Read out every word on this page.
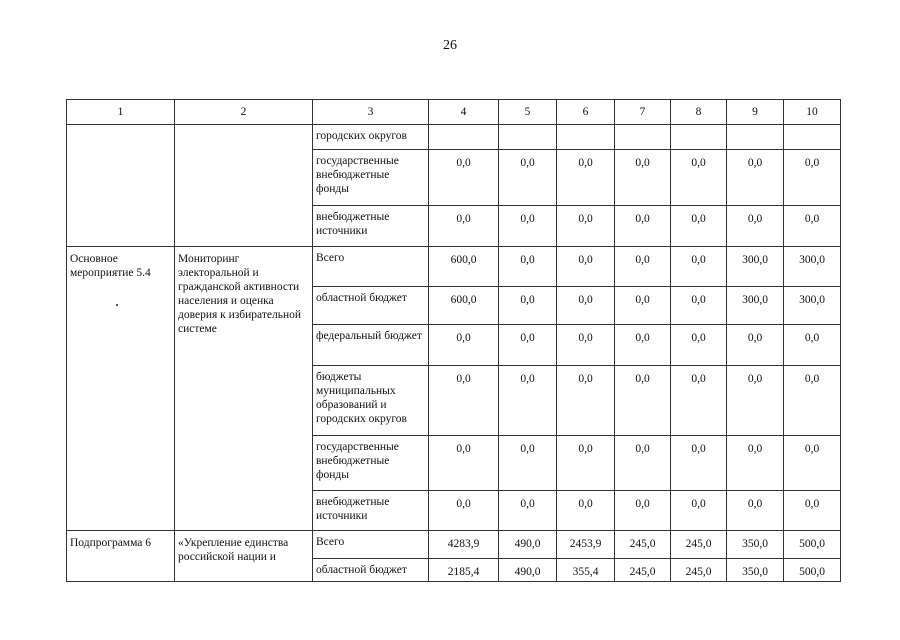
26
1	2	3	4	5	6	7	8	9	10
		городских округов							
		государственные внебюджетные фонды	0,0	0,0	0,0	0,0	0,0	0,0	0,0
		внебюджетные источники	0,0	0,0	0,0	0,0	0,0	0,0	0,0
Основное мероприятие 5.4	Мониторинг электоральной и гражданской активности населения и оценка доверия к избирательной системе	Всего	600,0	0,0	0,0	0,0	0,0	300,0	300,0
		областной бюджет	600,0	0,0	0,0	0,0	0,0	300,0	300,0
		федеральный бюджет	0,0	0,0	0,0	0,0	0,0	0,0	0,0
		бюджеты муниципальных образований и городских округов	0,0	0,0	0,0	0,0	0,0	0,0	0,0
		государственные внебюджетные фонды	0,0	0,0	0,0	0,0	0,0	0,0	0,0
		внебюджетные источники	0,0	0,0	0,0	0,0	0,0	0,0	0,0
Подпрограмма 6	«Укрепление единства российской нации и	Всего	4283,9	490,0	2453,9	245,0	245,0	350,0	500,0
		областной бюджет	2185,4	490,0	355,4	245,0	245,0	350,0	500,0
